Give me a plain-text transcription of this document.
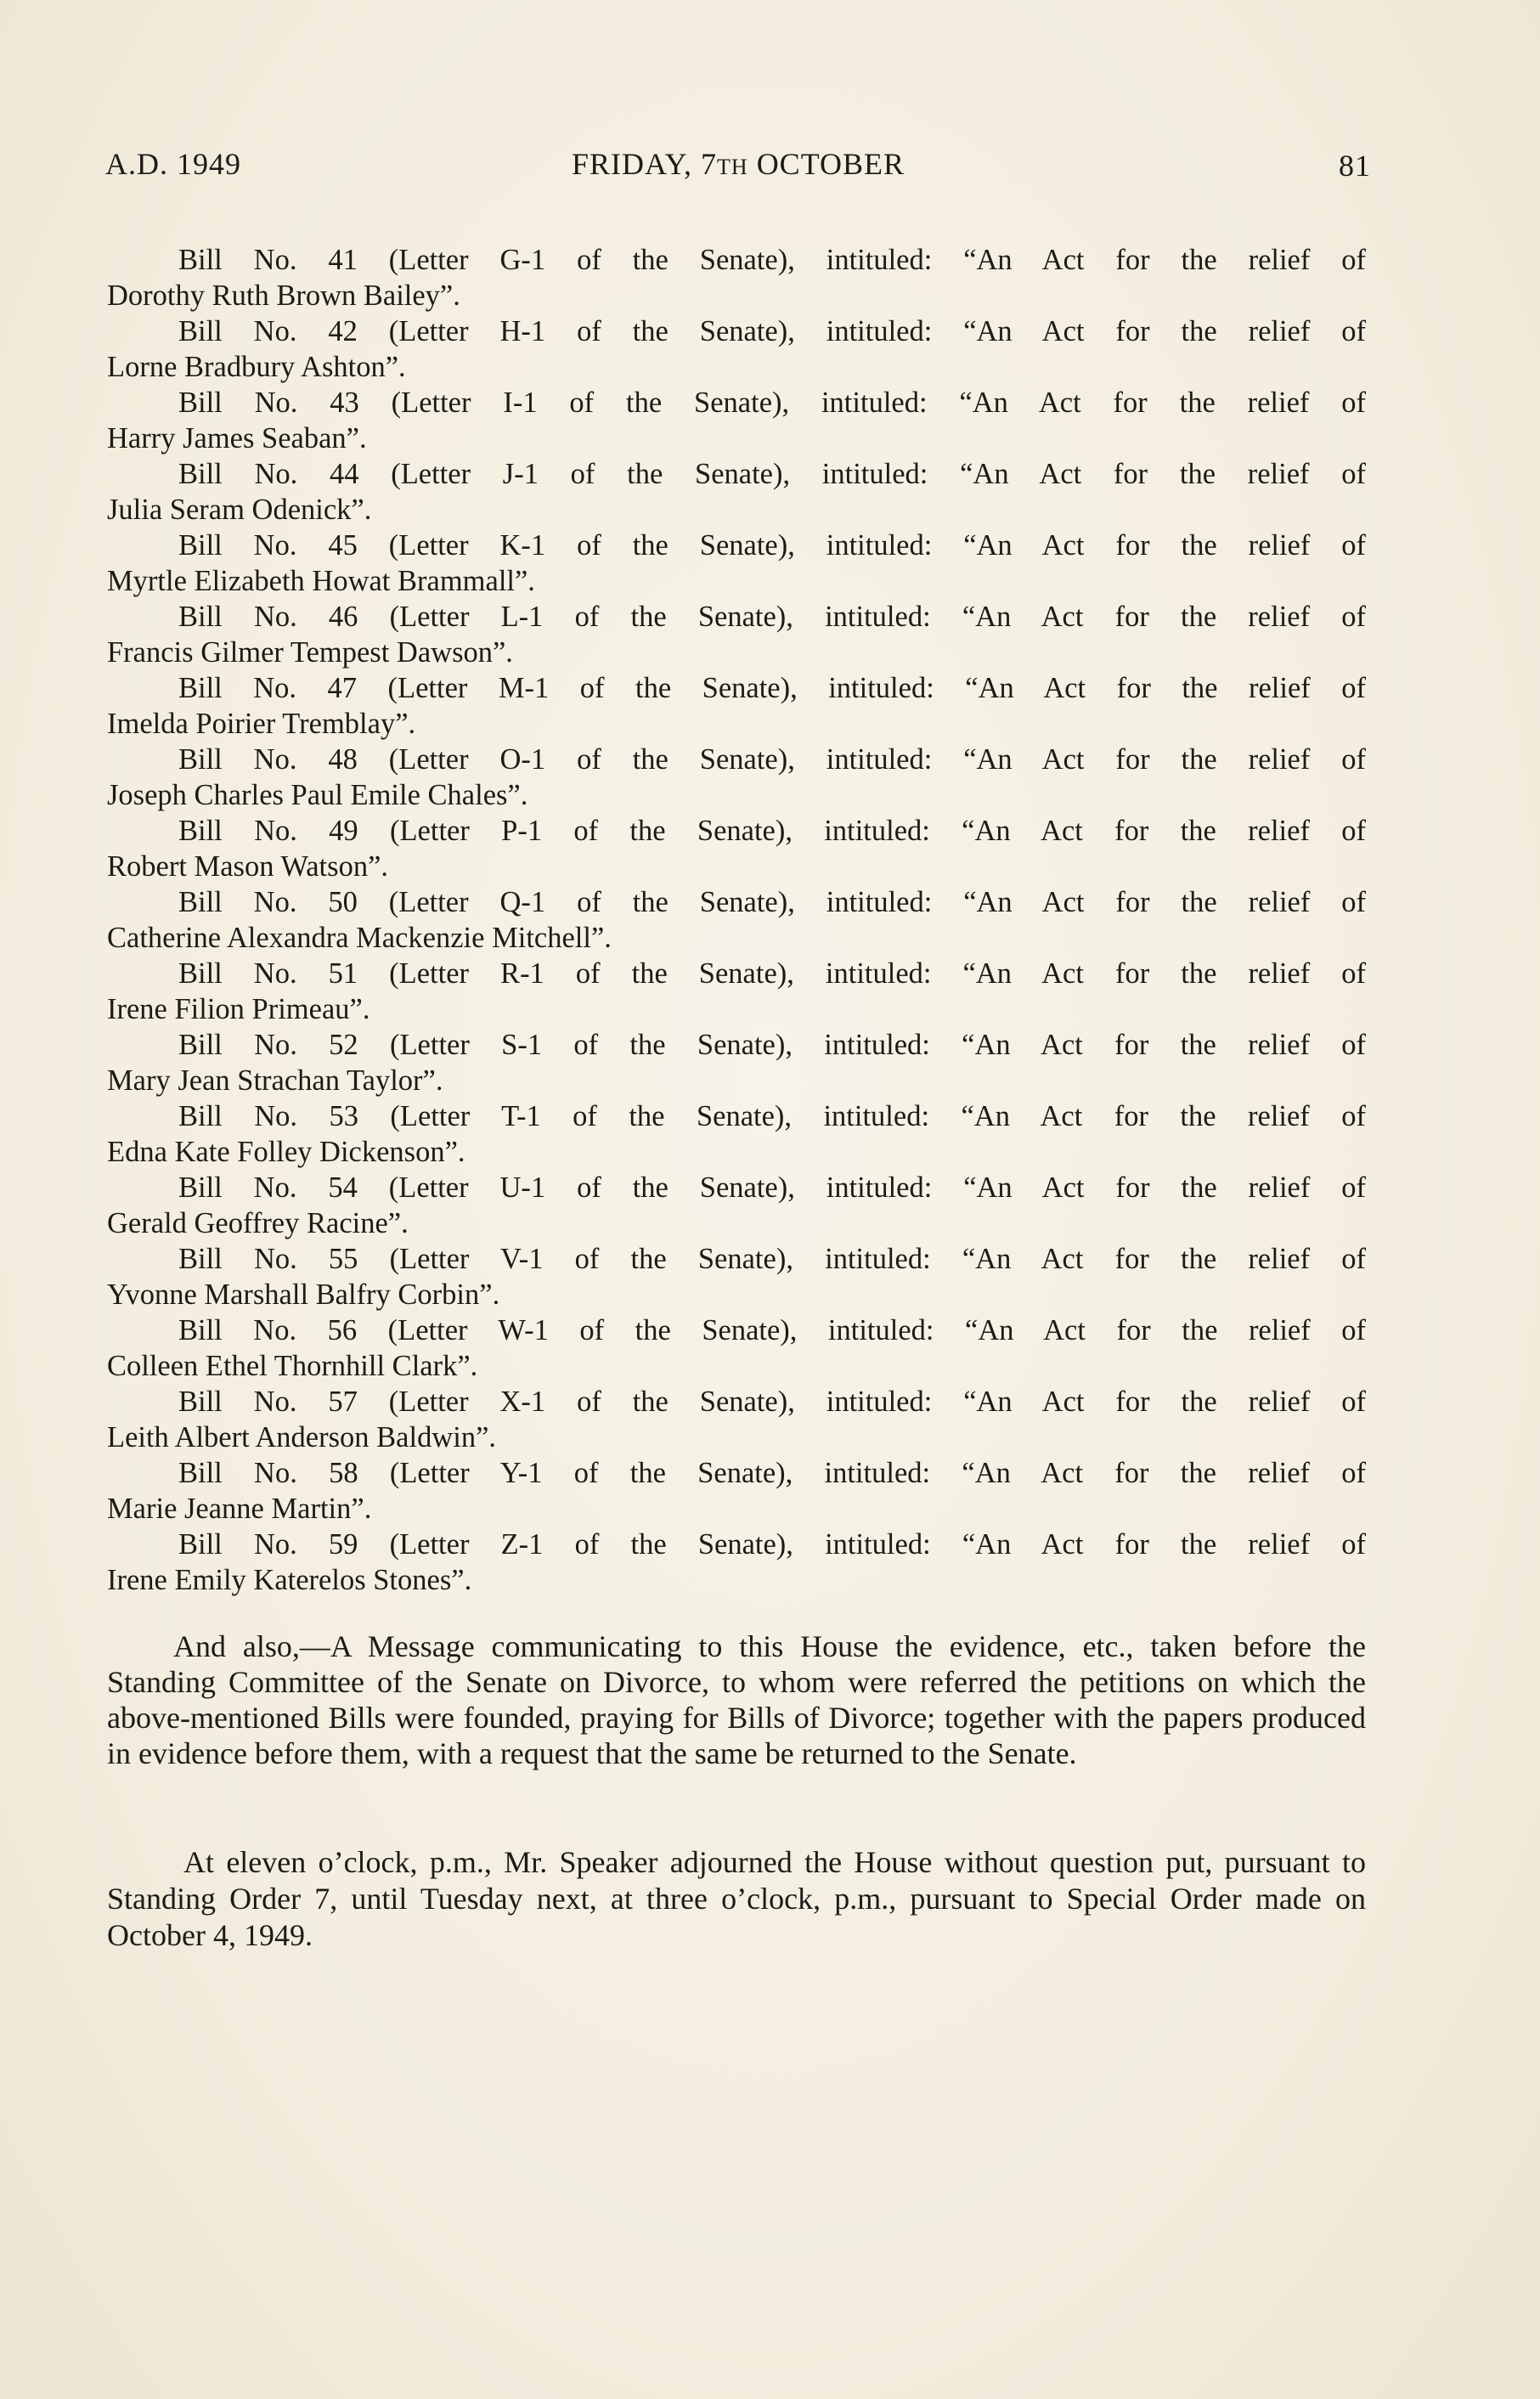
A.D. 1949	FRIDAY, 7TH OCTOBER	81
Bill No. 41 (Letter G-1 of the Senate), intituled: “An Act for the relief of
Dorothy Ruth Brown Bailey”.
Bill No. 42 (Letter H-1 of the Senate), intituled: “An Act for the relief of
Lorne Bradbury Ashton”.
Bill No. 43 (Letter I-1 of the Senate), intituled: “An Act for the relief of
Harry James Seaban”.
Bill No. 44 (Letter J-1 of the Senate), intituled: “An Act for the relief of
Julia Seram Odenick”.
Bill No. 45 (Letter K-1 of the Senate), intituled: “An Act for the relief of
Myrtle Elizabeth Howat Brammall”.
Bill No. 46 (Letter L-1 of the Senate), intituled: “An Act for the relief of
Francis Gilmer Tempest Dawson”.
Bill No. 47 (Letter M-1 of the Senate), intituled: “An Act for the relief of
Imelda Poirier Tremblay”.
Bill No. 48 (Letter O-1 of the Senate), intituled: “An Act for the relief of
Joseph Charles Paul Emile Chales”.
Bill No. 49 (Letter P-1 of the Senate), intituled: “An Act for the relief of
Robert Mason Watson”.
Bill No. 50 (Letter Q-1 of the Senate), intituled: “An Act for the relief of
Catherine Alexandra Mackenzie Mitchell”.
Bill No. 51 (Letter R-1 of the Senate), intituled: “An Act for the relief of
Irene Filion Primeau”.
Bill No. 52 (Letter S-1 of the Senate), intituled: “An Act for the relief of
Mary Jean Strachan Taylor”.
Bill No. 53 (Letter T-1 of the Senate), intituled: “An Act for the relief of
Edna Kate Folley Dickenson”.
Bill No. 54 (Letter U-1 of the Senate), intituled: “An Act for the relief of
Gerald Geoffrey Racine”.
Bill No. 55 (Letter V-1 of the Senate), intituled: “An Act for the relief of
Yvonne Marshall Balfry Corbin”.
Bill No. 56 (Letter W-1 of the Senate), intituled: “An Act for the relief of
Colleen Ethel Thornhill Clark”.
Bill No. 57 (Letter X-1 of the Senate), intituled: “An Act for the relief of
Leith Albert Anderson Baldwin”.
Bill No. 58 (Letter Y-1 of the Senate), intituled: “An Act for the relief of
Marie Jeanne Martin”.
Bill No. 59 (Letter Z-1 of the Senate), intituled: “An Act for the relief of
Irene Emily Katerelos Stones”.

And also,—A Message communicating to this House the evidence, etc., taken before the Standing Committee of the Senate on Divorce, to whom were referred the petitions on which the above-mentioned Bills were founded, praying for Bills of Divorce; together with the papers produced in evidence before them, with a request that the same be returned to the Senate.

At eleven o’clock, p.m., Mr. Speaker adjourned the House without question put, pursuant to Standing Order 7, until Tuesday next, at three o’clock, p.m., pursuant to Special Order made on October 4, 1949.
